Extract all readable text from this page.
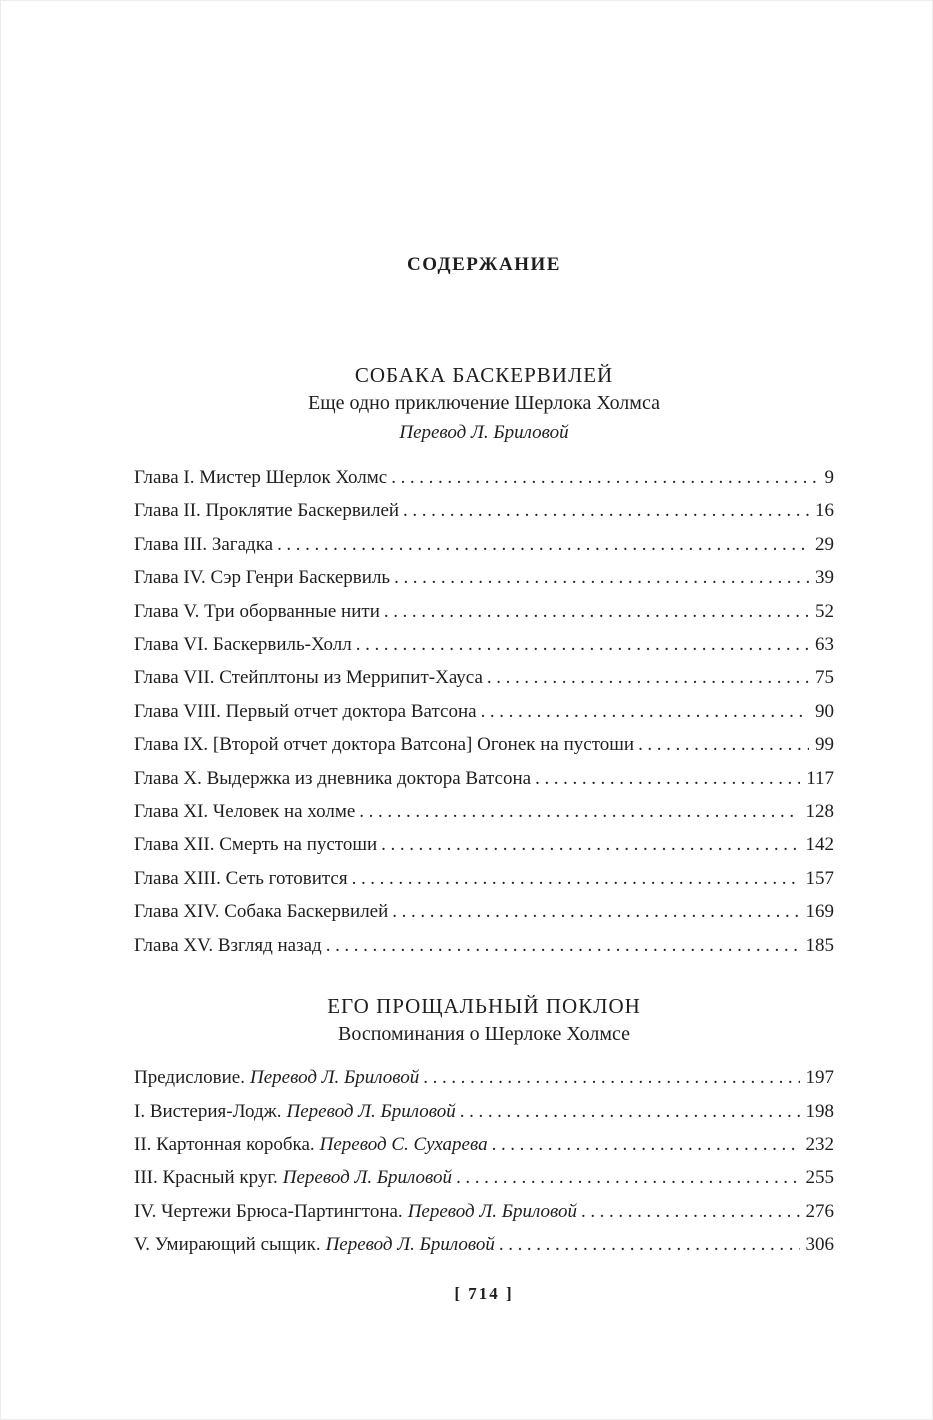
СОДЕРЖАНИЕ
СОБАКА БАСКЕРВИЛЕЙ
Еще одно приключение Шерлока Холмса
Перевод Л. Бриловой
Глава I. Мистер Шерлок Холмс .....	9
Глава II. Проклятие Баскервилей .....	16
Глава III. Загадка .....	29
Глава IV. Сэр Генри Баскервиль .....	39
Глава V. Три оборванные нити .....	52
Глава VI. Баскервиль-Холл .....	63
Глава VII. Стейплтоны из Меррипит-Хауса .....	75
Глава VIII. Первый отчет доктора Ватсона .....	90
Глава IX. [Второй отчет доктора Ватсона] Огонек на пустоши .....	99
Глава X. Выдержка из дневника доктора Ватсона .....	117
Глава XI. Человек на холме .....	128
Глава XII. Смерть на пустоши .....	142
Глава XIII. Сеть готовится .....	157
Глава XIV. Собака Баскервилей .....	169
Глава XV. Взгляд назад .....	185
ЕГО ПРОЩАЛЬНЫЙ ПОКЛОН
Воспоминания о Шерлоке Холмсе
Предисловие. Перевод Л. Бриловой .....	197
I. Вистерия-Лодж. Перевод Л. Бриловой .....	198
II. Картонная коробка. Перевод С. Сухарева .....	232
III. Красный круг. Перевод Л. Бриловой .....	255
IV. Чертежи Брюса-Партингтона. Перевод Л. Бриловой .....	276
V. Умирающий сыщик. Перевод Л. Бриловой .....	306
[ 714 ]
